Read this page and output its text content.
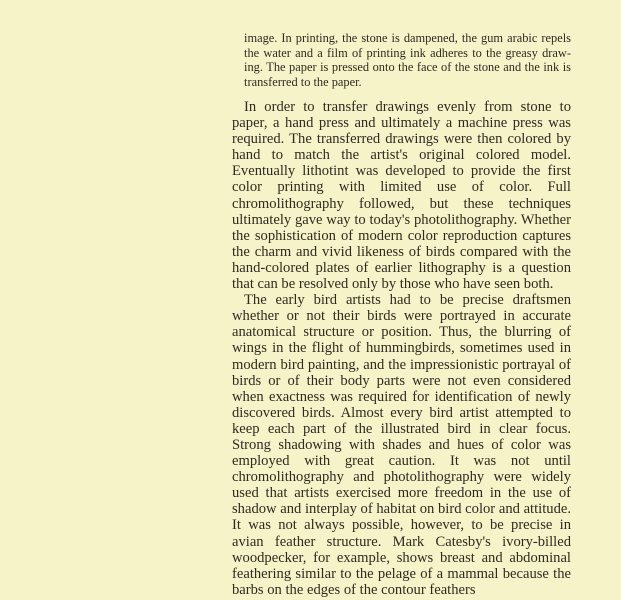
image. In printing, the stone is dampened, the gum arabic repels the water and a film of printing ink adheres to the greasy drawing. The paper is pressed onto the face of the stone and the ink is transferred to the paper.

In order to transfer drawings evenly from stone to paper, a hand press and ultimately a machine press was required. The transferred drawings were then colored by hand to match the artist's original colored model. Eventually lithotint was developed to provide the first color printing with limited use of color. Full chromolithography followed, but these techniques ultimately gave way to today's photolithography. Whether the sophistication of modern color reproduction captures the charm and vivid likeness of birds compared with the hand-colored plates of earlier lithography is a question that can be resolved only by those who have seen both.

The early bird artists had to be precise draftsmen whether or not their birds were portrayed in accurate anatomical structure or position. Thus, the blurring of wings in the flight of hummingbirds, sometimes used in modern bird painting, and the impressionistic portrayal of birds or of their body parts were not even considered when exactness was required for identification of newly discovered birds. Almost every bird artist attempted to keep each part of the illustrated bird in clear focus. Strong shadowing with shades and hues of color was employed with great caution. It was not until chromolithography and photolithography were widely used that artists exercised more freedom in the use of shadow and interplay of habitat on bird color and attitude. It was not always possible, however, to be precise in avian feather structure. Mark Catesby's ivory-billed woodpecker, for example, shows breast and abdominal feathering similar to the pelage of a mammal because the barbs on the edges of the contour feathers
